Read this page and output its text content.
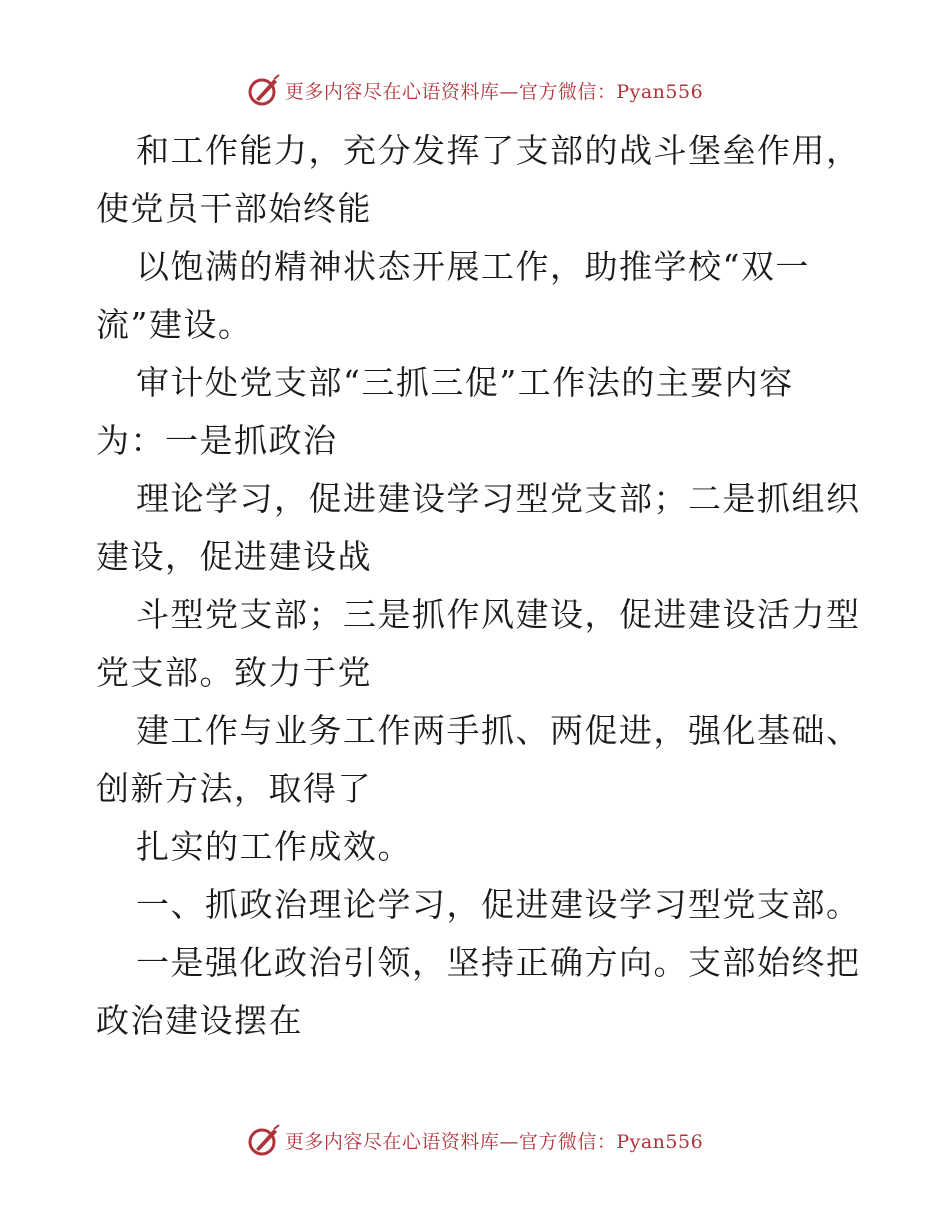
更多内容尽在心语资料库—官方微信：Pyan556
和工作能力，充分发挥了支部的战斗堡垒作用，
使党员干部始终能
以饱满的精神状态开展工作，助推学校“双一
流”建设。
审计处党支部“三抓三促”工作法的主要内容
为：一是抓政治
理论学习，促进建设学习型党支部；二是抓组织
建设，促进建设战
斗型党支部；三是抓作风建设，促进建设活力型
党支部。致力于党
建工作与业务工作两手抓、两促进，强化基础、
创新方法，取得了
扎实的工作成效。
一、抓政治理论学习，促进建设学习型党支部。
一是强化政治引领，坚持正确方向。支部始终把
政治建设摆在
更多内容尽在心语资料库—官方微信：Pyan556
